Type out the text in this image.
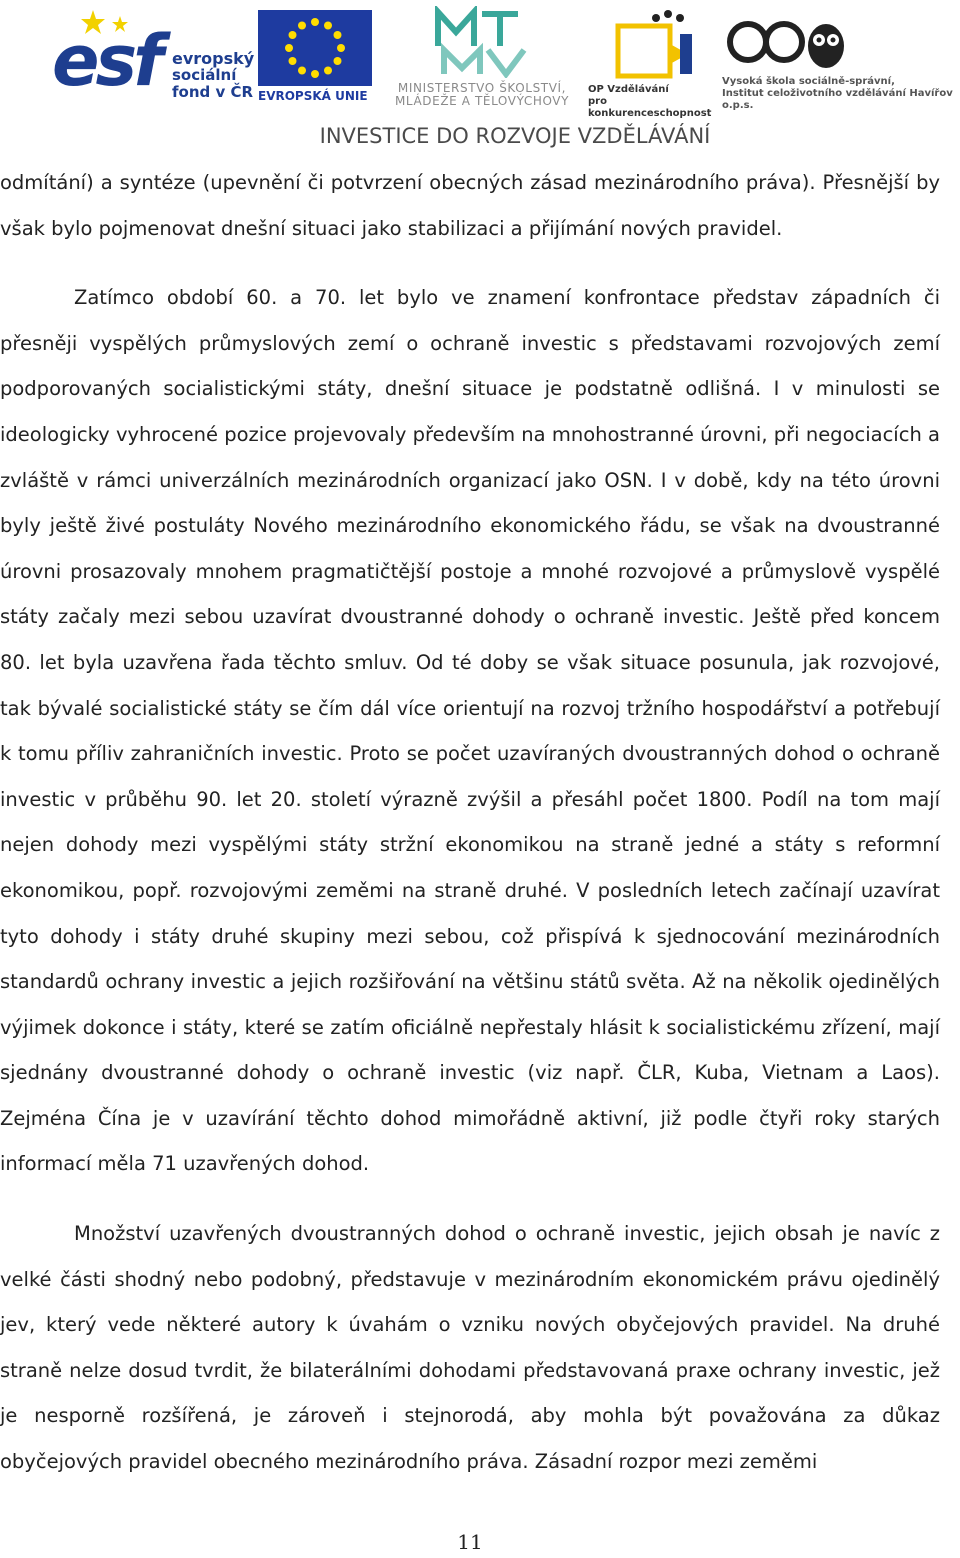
esf evropský
sociální
fond v ČR EVROPSKÁ UNIE
MINISTERSTVO ŠKOLSTVÍ,
MLÁDEŽE A TĚLOVÝCHOVY
OP Vzdělávání
pro konkurenceschopnost
Vysoká škola sociálně-správní,
Institut celoživotního vzdělávání Havířov o.p.s.
INVESTICE DO ROZVOJE VZDĚLÁVÁNÍ

odmítání) a syntéze (upevnění či potvrzení obecných zásad mezinárodního práva). Přesnější by však bylo pojmenovat dnešní situaci jako stabilizaci a přijímání nových pravidel.

Zatímco období 60. a 70. let bylo ve znamení konfrontace představ západních či přesněji vyspělých průmyslových zemí o ochraně investic s představami rozvojových zemí podporovaných socialistickými státy, dnešní situace je podstatně odlišná. I v minulosti se ideologicky vyhrocené pozice projevovaly především na mnohostranné úrovni, při negociacích a zvláště v rámci univerzálních mezinárodních organizací jako OSN. I v době, kdy na této úrovni byly ještě živé postuláty Nového mezinárodního ekonomického řádu, se však na dvoustranné úrovni prosazovaly mnohem pragmatičtější postoje a mnohé rozvojové a průmyslově vyspělé státy začaly mezi sebou uzavírat dvoustranné dohody o ochraně investic. Ještě před koncem 80. let byla uzavřena řada těchto smluv. Od té doby se však situace posunula, jak rozvojové, tak bývalé socialistické státy se čím dál více orientují na rozvoj tržního hospodářství a potřebují k tomu příliv zahraničních investic. Proto se počet uzavíraných dvoustranných dohod o ochraně investic v průběhu 90. let 20. století výrazně zvýšil a přesáhl počet 1800. Podíl na tom mají nejen dohody mezi vyspělými státy stržní ekonomikou na straně jedné a státy s reformní ekonomikou, popř. rozvojovými zeměmi na straně druhé. V posledních letech začínají uzavírat tyto dohody i státy druhé skupiny mezi sebou, což přispívá k sjednocování mezinárodních standardů ochrany investic a jejich rozšiřování na většinu států světa. Až na několik ojedinělých výjimek dokonce i státy, které se zatím oficiálně nepřestaly hlásit k socialistickému zřízení, mají sjednány dvoustranné dohody o ochraně investic (viz např. ČLR, Kuba, Vietnam a Laos). Zejména Čína je v uzavírání těchto dohod mimořádně aktivní, již podle čtyři roky starých informací měla 71 uzavřených dohod.

Množství uzavřených dvoustranných dohod o ochraně investic, jejich obsah je navíc z velké části shodný nebo podobný, představuje v mezinárodním ekonomickém právu ojedinělý jev, který vede některé autory k úvahám o vzniku nových obyčejových pravidel. Na druhé straně nelze dosud tvrdit, že bilaterálními dohodami představovaná praxe ochrany investic, jež je nesporně rozšířená, je zároveň i stejnorodá, aby mohla být považována za důkaz obyčejových pravidel obecného mezinárodního práva. Zásadní rozpor mezi zeměmi

11
